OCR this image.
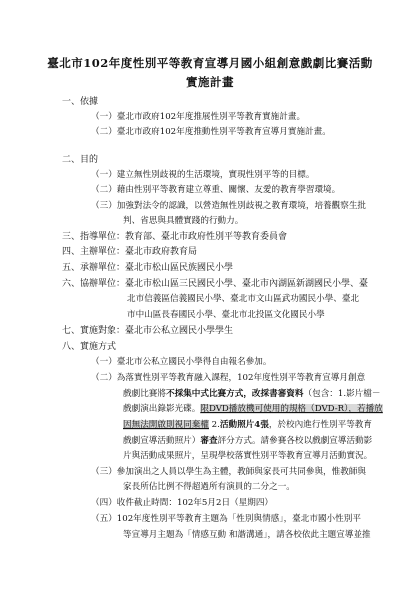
臺北市102年度性別平等教育宣導月國小組創意戲劇比賽活動
實施計畫
一、依據
（一）臺北市政府102年度推展性別平等教育實施計畫。
（二）臺北市政府102年度推動性別平等教育宣導月實施計畫。
二、目的
（一）建立無性別歧視的生活環境，實現性別平等的目標。
（二）藉由性別平等教育建立尊重、關懷、友愛的教育學習環境。
（三）加強對法令的認識，以營造無性別歧視之教育環境，培養觀察生批
判、省思與具體實踐的行動力。
三、指導單位：教育部、臺北市政府性別平等教育委員會
四、主辦單位：臺北市政府教育局
五、承辦單位：臺北市松山區民族國民小學
六、協辦單位：臺北市松山區三民國民小學、臺北市內湖區新湖國民小學、臺
北市信義區信義國民小學、臺北市文山區武功國民小學、臺北
市中山區長春國民小學、臺北市北投區文化國民小學
七、實施對象：臺北市公私立國民小學學生
八、實施方式
（一）臺北市公私立國民小學得自由報名參加。
（二）為落實性別平等教育融入課程，102年度性別平等教育宣導月創意
戲劇比賽將不採集中式比賽方式，改採書審資料（包含：1.影片檔－
戲劇演出錄影光碟。限DVD播放機可使用的規格（DVD-R），若播放
因無法開啟則視同棄權 2.活動照片4張，於校內進行性別平等教育
戲劇宣導活動照片）審查評分方式。請參賽各校以戲劇宣導活動影
片與活動成果照片，呈現學校落實性別平等教育宣導月活動實況。
（三）參加演出之人員以學生為主體，教師與家長可共同參與，惟教師與
家長所佔比例不得超過所有演員的二分之一。
（四）收件截止時間：102年5月2日（星期四）
（五）102年度性別平等教育主題為「性別與情感」，臺北市國小性別平
等宣導月主題為「情感互動 和諧溝通」，請各校依此主題宣導並推
